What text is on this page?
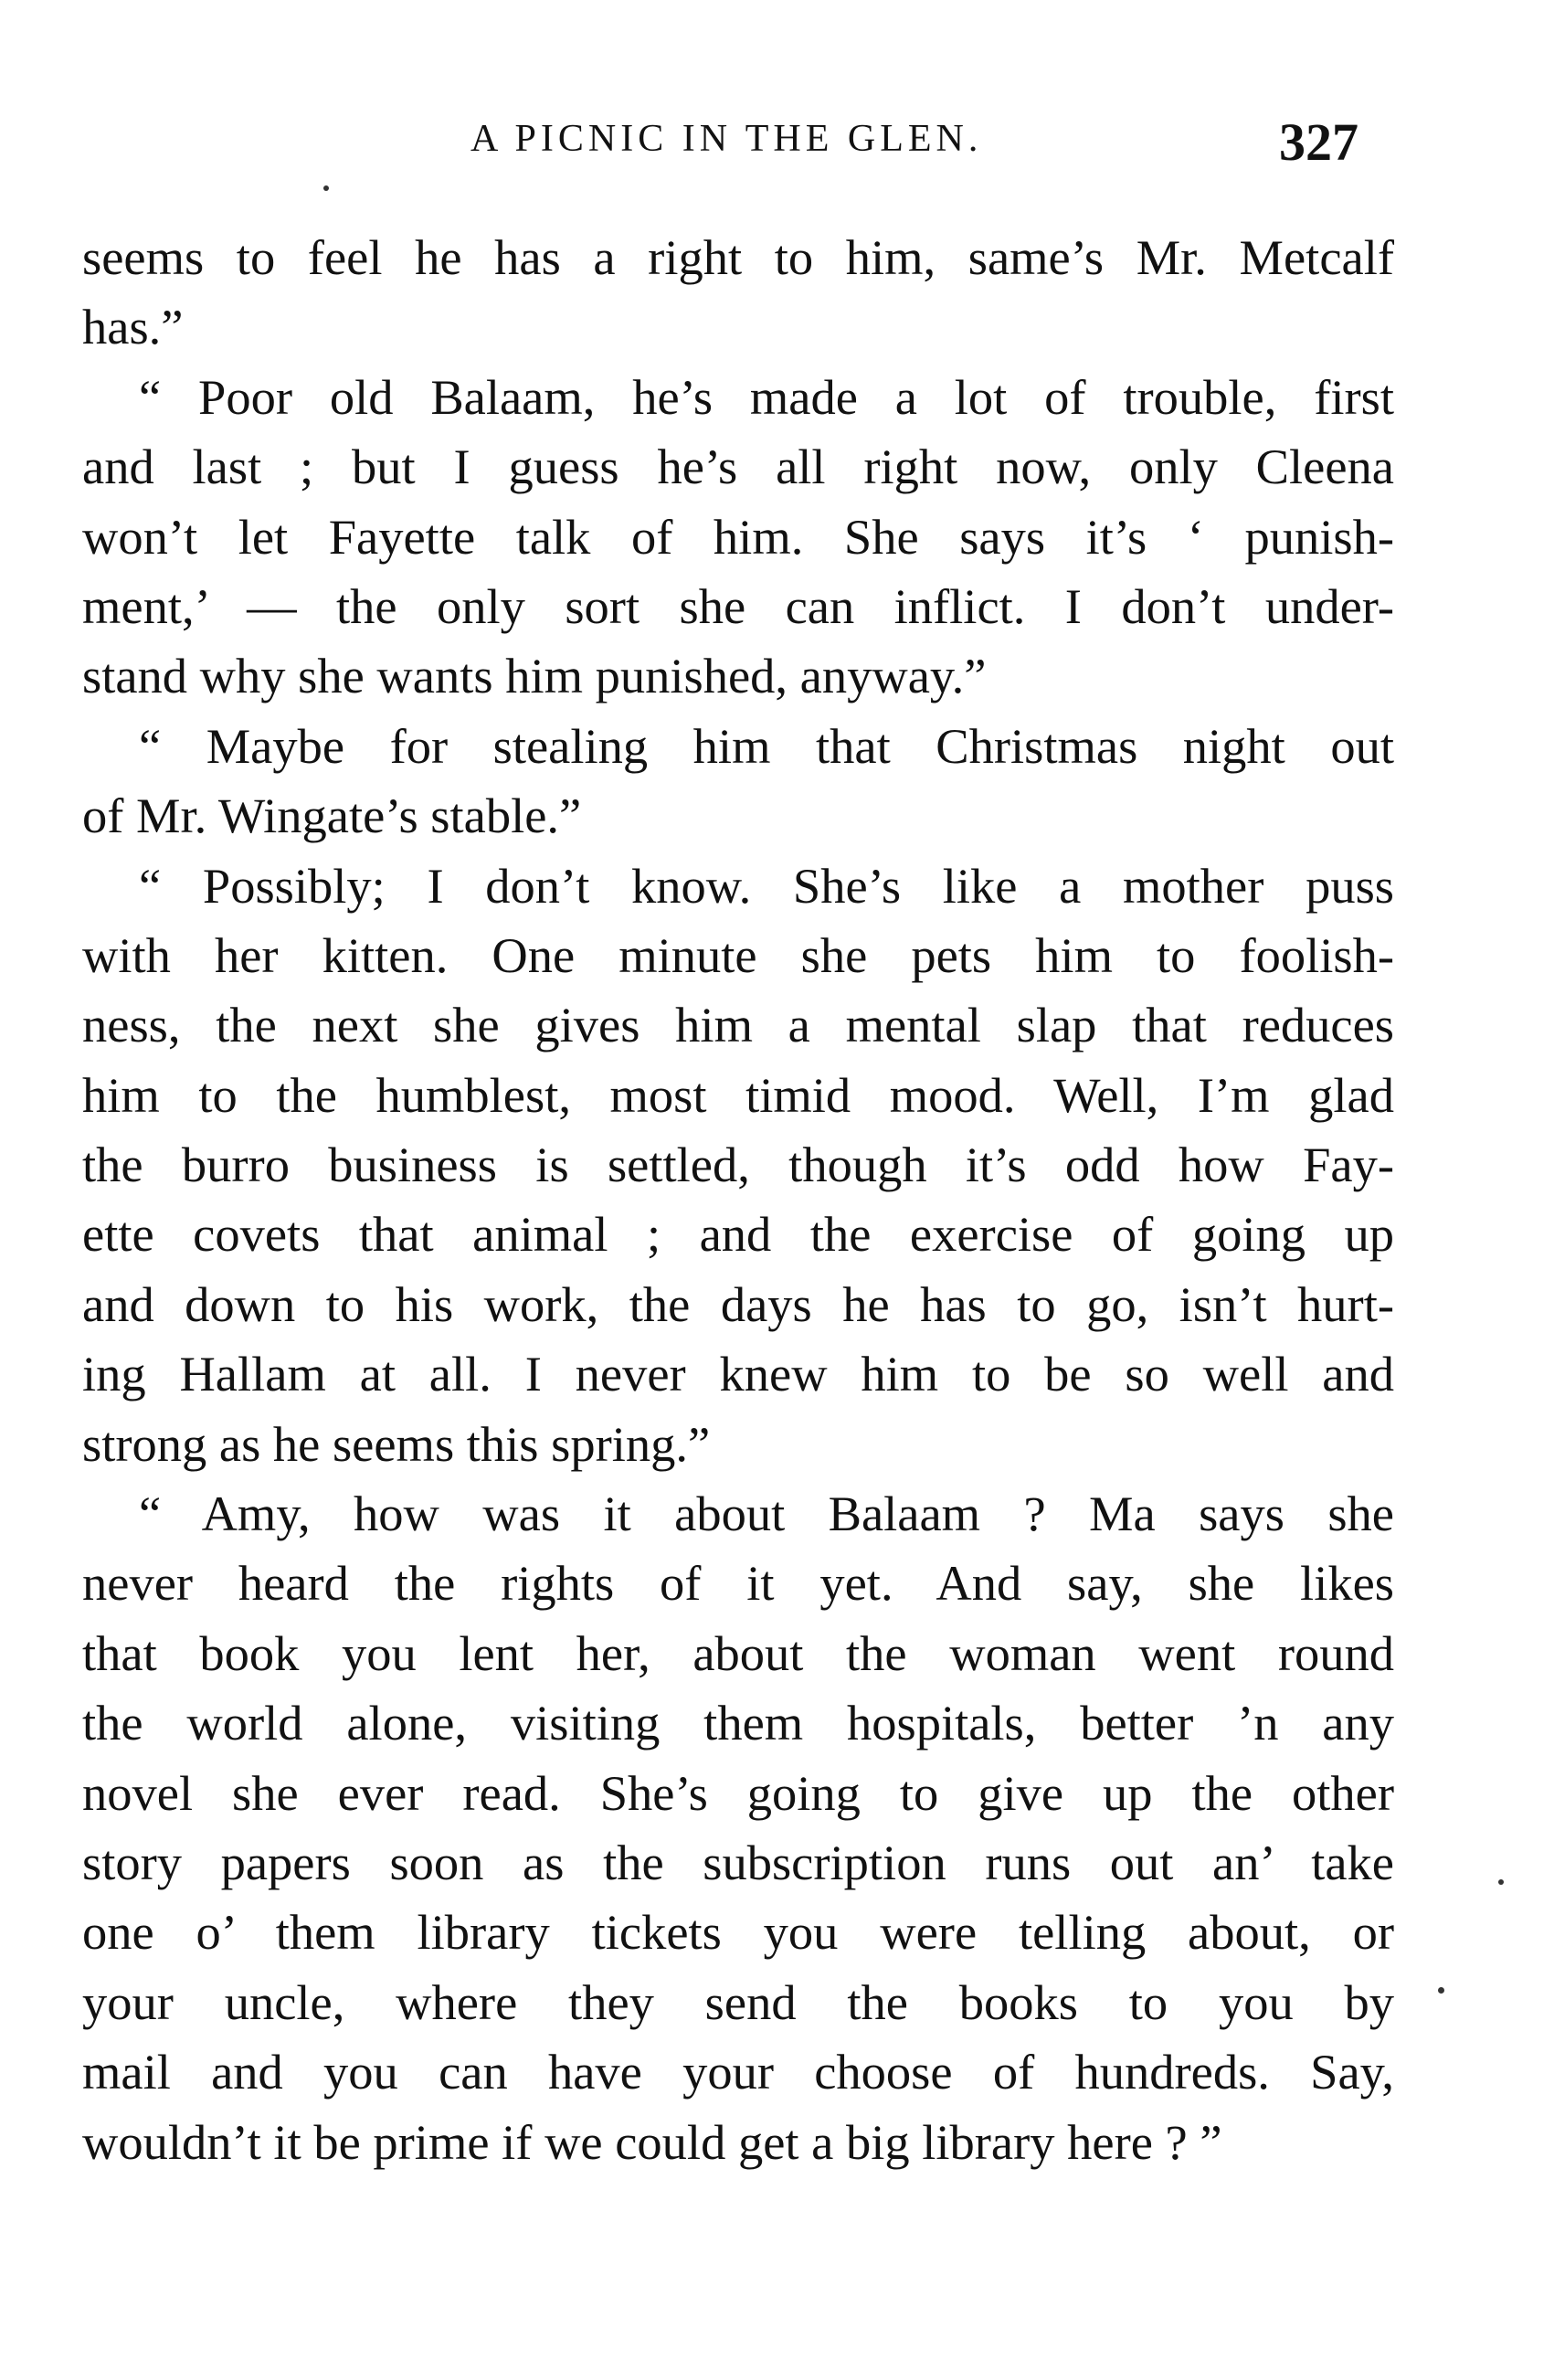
A PICNIC IN THE GLEN.	327
seems to feel he has a right to him, same’s Mr. Metcalf
has.”
“ Poor old Balaam, he’s made a lot of trouble, first
and last ; but I guess he’s all right now, only Cleena
won’t let Fayette talk of him. She says it’s ‘ punish-
ment,’ — the only sort she can inflict. I don’t under-
stand why she wants him punished, anyway.”
“ Maybe for stealing him that Christmas night out
of Mr. Wingate’s stable.”
“ Possibly; I don’t know. She’s like a mother puss
with her kitten. One minute she pets him to foolish-
ness, the next she gives him a mental slap that reduces
him to the humblest, most timid mood. Well, I’m glad
the burro business is settled, though it’s odd how Fay-
ette covets that animal ; and the exercise of going up
and down to his work, the days he has to go, isn’t hurt-
ing Hallam at all. I never knew him to be so well and
strong as he seems this spring.”
“ Amy, how was it about Balaam ? Ma says she
never heard the rights of it yet. And say, she likes
that book you lent her, about the woman went round
the world alone, visiting them hospitals, better ’n any
novel she ever read. She’s going to give up the other
story papers soon as the subscription runs out an’ take
one o’ them library tickets you were telling about, or
your uncle, where they send the books to you by
mail and you can have your choose of hundreds. Say,
wouldn’t it be prime if we could get a big library here ? ”
